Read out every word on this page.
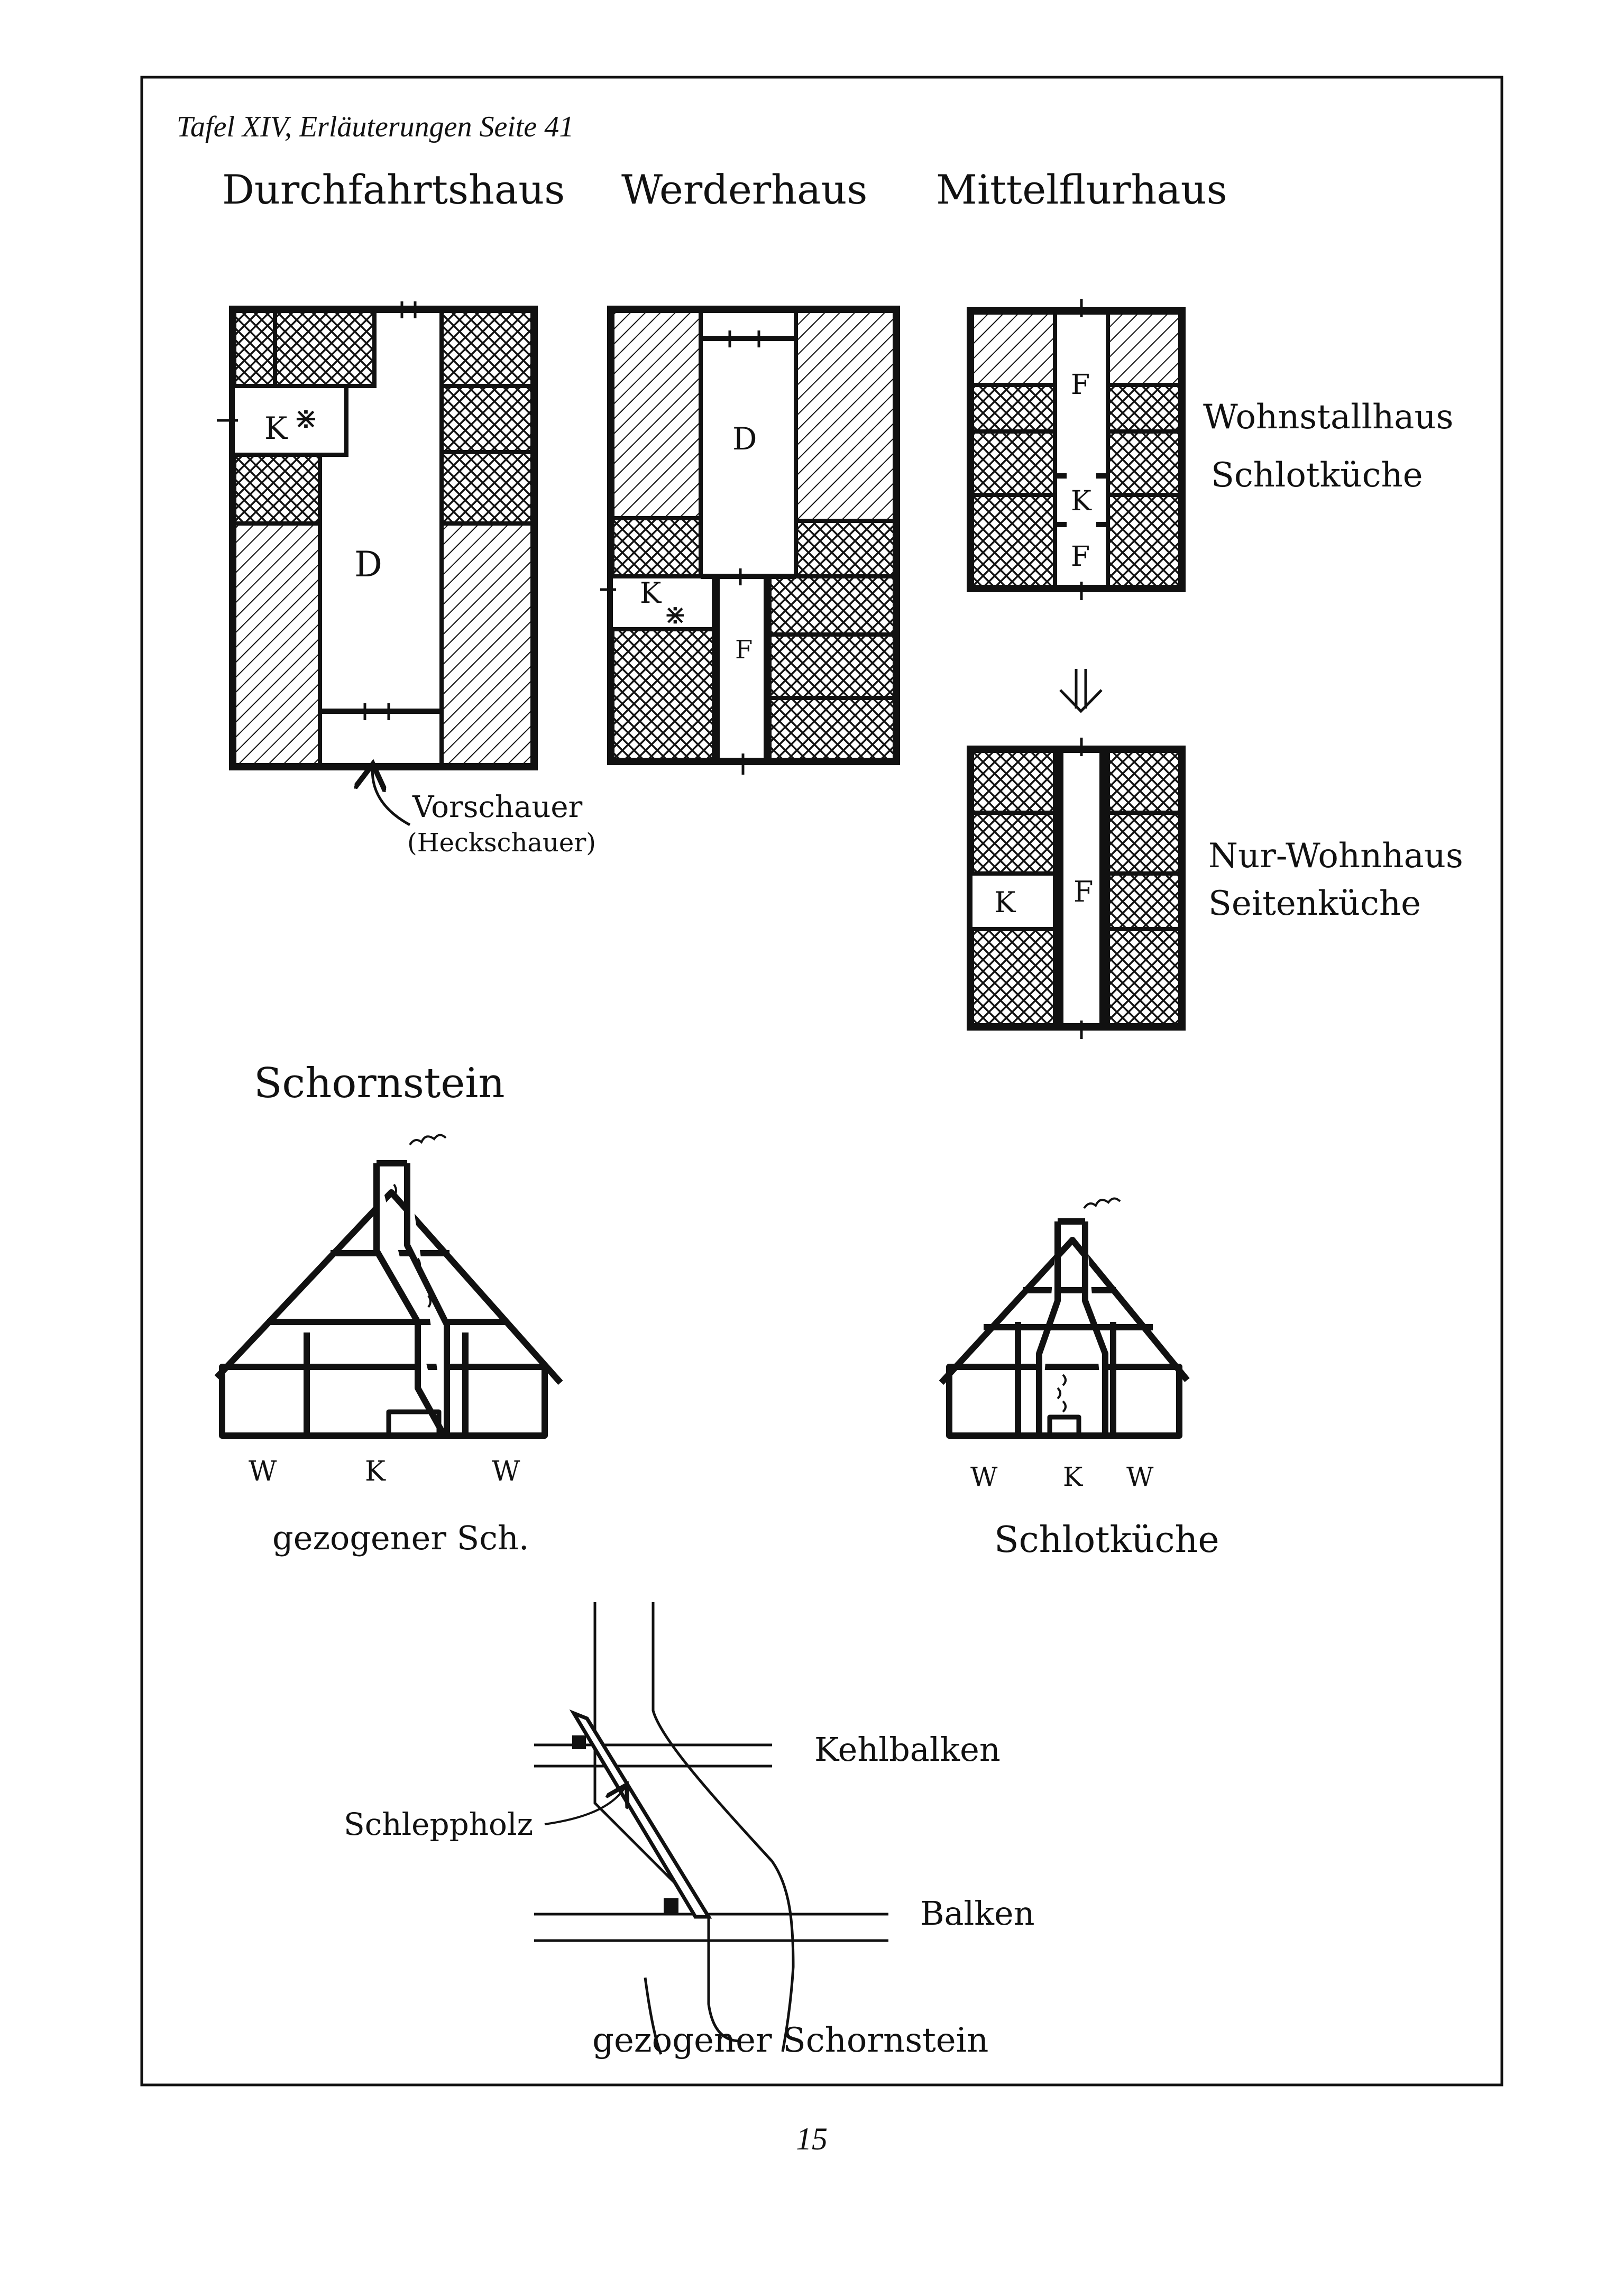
Tafel XIV, Erläuterungen Seite 41
Durchfahrtshaus Werderhaus Mittelflurhaus
K ⋇
D
Vorschauer
(Heckschauer)
D
K
⋇
F
F
K
F
Wohnstallhaus
Schlotküche
K F
Nur-Wohnhaus
Seitenküche
Schornstein
W	K	W
gezogener Sch.
W K W
Schlotküche
Kehlbalken
Schleppholz
Balken
gezogener Schornstein
15
